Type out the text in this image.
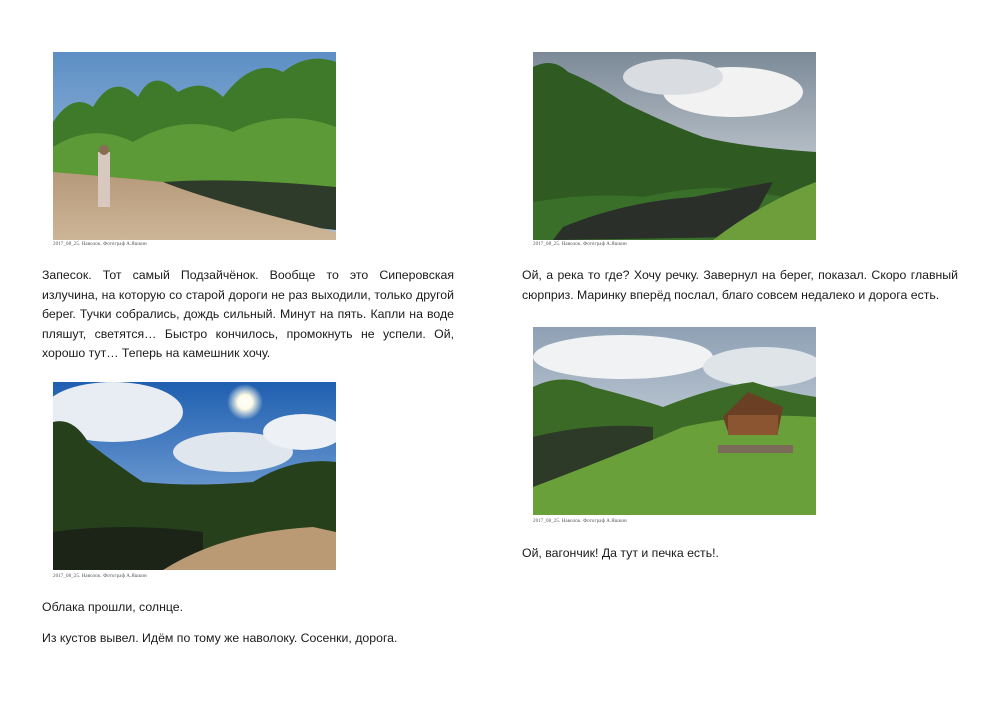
2017_08_25. Наволок. Фотограф А.Яшкин	2017_08_25. Наволок. Фотограф А.Яшкин

Запесок. Тот самый Подзайчёнок. Вообще то это Сиперовская излучина, на которую со старой дороги не раз выходили, только другой берег. Тучки собрались, дождь сильный. Минут на пять. Капли на воде пляшут, светятся… Быстро кончилось, промокнуть не успели. Ой, хорошо тут… Теперь на камешник хочу.

Ой, а река то где? Хочу речку. Завернул на берег, показал. Скоро главный сюрприз. Маринку вперёд послал, благо совсем недалеко и дорога есть.

2017_08_25. Наволок. Фотограф А.Яшкин
2017_08_25. Наволок. Фотограф А.Яшкин

Ой, вагончик! Да тут и печка есть!.

Облака прошли, солнце.

Из кустов вывел. Идём по тому же наволоку. Сосенки, дорога.
